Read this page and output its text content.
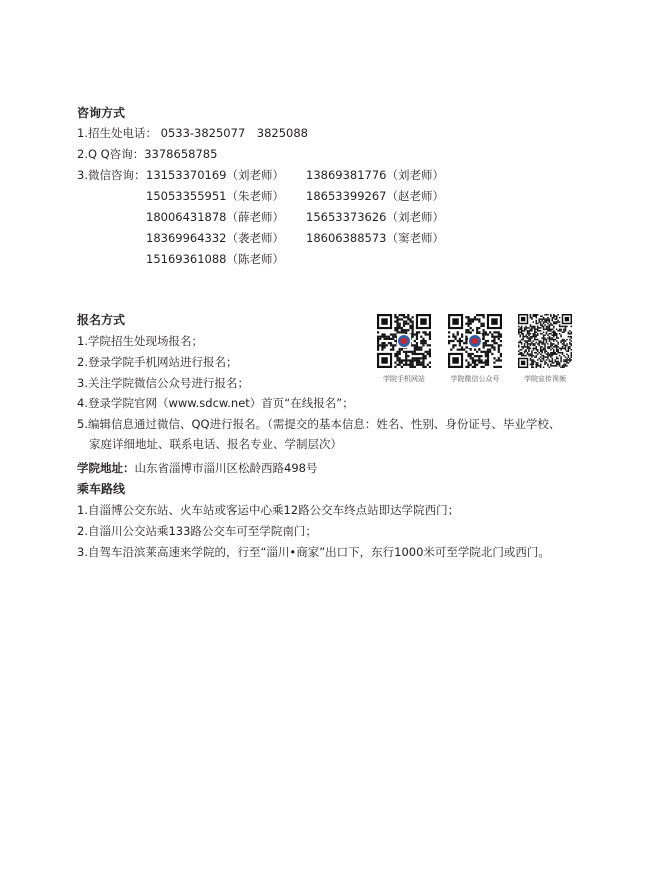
咨询方式
1.招生处电话： 0533-3825077　3825088
2.Q Q咨询：3378658785
3.微信咨询： 13153370169（刘老师） 13869381776（刘老师）
15053355951（朱老师） 18653399267（赵老师）
18006431878（薛老师） 15653373626（刘老师）
18369964332（袭老师） 18606388573（窦老师）
15169361088（陈老师）
报名方式
1.学院招生处现场报名；
2.登录学院手机网站进行报名；
3.关注学院微信公众号进行报名；
4.登录学院官网（www.sdcw.net）首页“在线报名”；
5.编辑信息通过微信、QQ进行报名。（需提交的基本信息：姓名、性别、身份证号、毕业学校、
家庭详细地址、联系电话、报名专业、学制层次）
学院手机网站	学院微信公众号	学院宣传视频
学院地址：山东省淄博市淄川区松龄西路498号
乘车路线
1.自淄博公交东站、火车站或客运中心乘12路公交车终点站即达学院西门；
2.自淄川公交站乘133路公交车可至学院南门；
3.自驾车沿滨莱高速来学院的，行至“淄川•商家”出口下，东行1000米可至学院北门或西门。
